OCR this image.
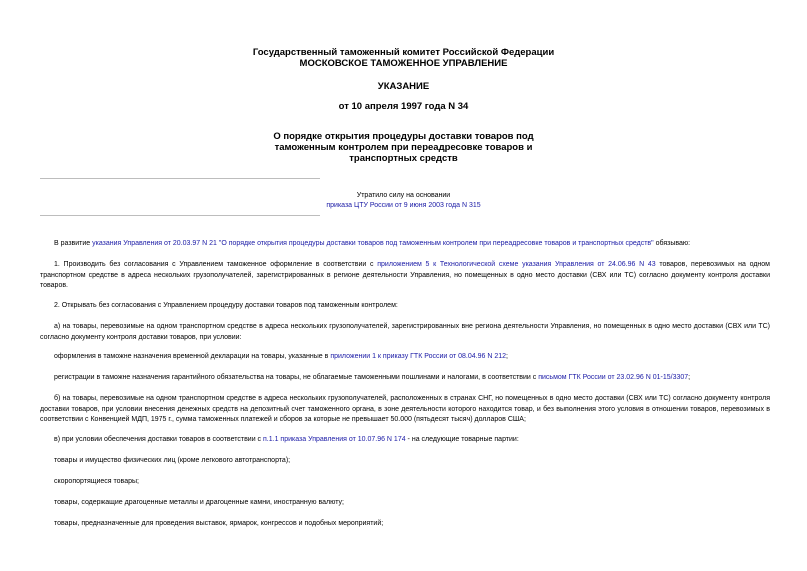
Государственный таможенный комитет Российской Федерации
МОСКОВСКОЕ ТАМОЖЕННОЕ УПРАВЛЕНИЕ
УКАЗАНИЕ
от 10 апреля 1997 года N 34
О порядке открытия процедуры доставки товаров под
таможенным контролем при переадресовке товаров и
транспортных средств
Утратило силу на основании
приказа ЦТУ России от 9 июня 2003 года N 315
В развитие указания Управления от 20.03.97 N 21 "О порядке открытия процедуры доставки товаров под таможенным контролем при переадресовке товаров и транспортных средств" обязываю:
1. Производить без согласования с Управлением таможенное оформление в соответствии с приложением 5 к Технологической схеме указания Управления от 24.06.96 N 43 товаров, перевозимых на одном транспортном средстве в адреса нескольких грузополучателей, зарегистрированных в регионе деятельности Управления, но помещенных в одно место доставки (СВХ или ТС) согласно документу контроля доставки товаров.
2. Открывать без согласования с Управлением процедуру доставки товаров под таможенным контролем:
а) на товары, перевозимые на одном транспортном средстве в адреса нескольких грузополучателей, зарегистрированных вне региона деятельности Управления, но помещенных в одно место доставки (СВХ или ТС) согласно документу контроля доставки товаров, при условии:
оформления в таможне назначения временной декларации на товары, указанные в приложении 1 к приказу ГТК России от 08.04.96 N 212;
регистрации в таможне назначения гарантийного обязательства на товары, не облагаемые таможенными пошлинами и налогами, в соответствии с письмом ГТК России от 23.02.96 N 01-15/3307;
б) на товары, перевозимые на одном транспортном средстве в адреса нескольких грузополучателей, расположенных в странах СНГ, но помещенных в одно место доставки (СВХ или ТС) согласно документу контроля доставки товаров, при условии внесения денежных средств на депозитный счет таможенного органа, в зоне деятельности которого находится товар, и без выполнения этого условия в отношении товаров, перевозимых в соответствии с Конвенцией МДП, 1975 г., сумма таможенных платежей и сборов за которые не превышает 50.000 (пятьдесят тысяч) долларов США;
в) при условии обеспечения доставки товаров в соответствии с п.1.1 приказа Управления от 10.07.96 N 174 - на следующие товарные партии:
товары и имущество физических лиц (кроме легкового автотранспорта);
скоропортящиеся товары;
товары, содержащие драгоценные металлы и драгоценные камни, иностранную валюту;
товары, предназначенные для проведения выставок, ярмарок, конгрессов и подобных мероприятий;
